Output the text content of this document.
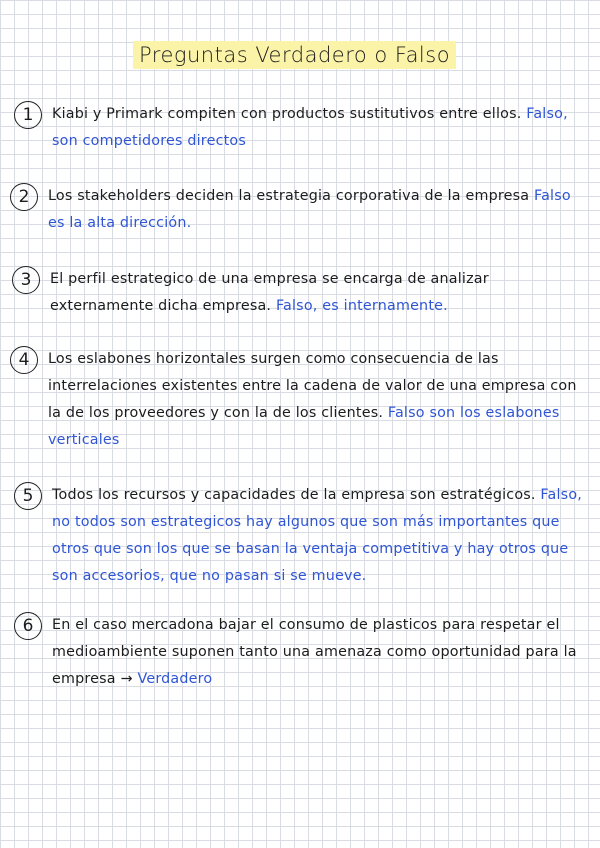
Preguntas Verdadero o Falso
1	Kiabi y Primark compiten con productos sustitutivos entre ellos. Falso, son competidores directos
2	Los stakeholders deciden la estrategia corporativa de la empresa Falso es la alta dirección.
3	El perfil estrategico de una empresa se encarga de analizar externamente dicha empresa. Falso, es internamente.
4	Los eslabones horizontales surgen como consecuencia de las interrelaciones existentes entre la cadena de valor de una empresa con la de los proveedores y con la de los clientes. Falso son los eslabones verticales
5	Todos los recursos y capacidades de la empresa son estratégicos. Falso, no todos son estrategicos hay algunos que son más importantes que otros que son los que se basan la ventaja competitiva y hay otros que son accesorios, que no pasan si se mueve.
6	En el caso mercadona bajar el consumo de plasticos para respetar el medioambiente suponen tanto una amenaza como oportunidad para la empresa → Verdadero
